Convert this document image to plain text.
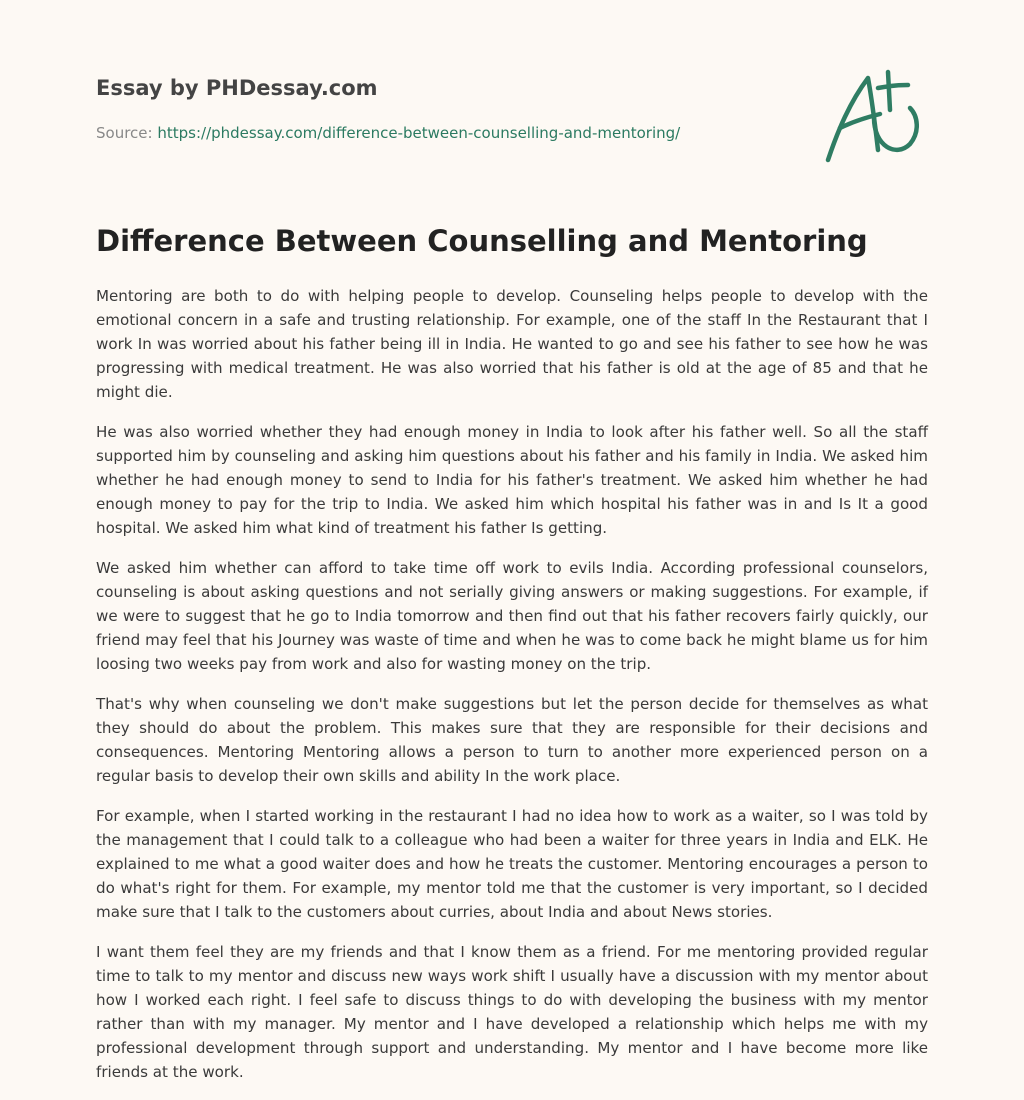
Essay by PHDessay.com
Source: https://phdessay.com/difference-between-counselling-and-mentoring/
Difference Between Counselling and Mentoring

Mentoring are both to do with helping people to develop. Counseling helps people to develop with the emotional concern in a safe and trusting relationship. For example, one of the staff In the Restaurant that I work In was worried about his father being ill in India. He wanted to go and see his father to see how he was progressing with medical treatment. He was also worried that his father is old at the age of 85 and that he might die.

He was also worried whether they had enough money in India to look after his father well. So all the staff supported him by counseling and asking him questions about his father and his family in India. We asked him whether he had enough money to send to India for his father's treatment. We asked him whether he had enough money to pay for the trip to India. We asked him which hospital his father was in and Is It a good hospital. We asked him what kind of treatment his father Is getting.

We asked him whether can afford to take time off work to evils India. According professional counselors, counseling is about asking questions and not serially giving answers or making suggestions. For example, if we were to suggest that he go to India tomorrow and then find out that his father recovers fairly quickly, our friend may feel that his Journey was waste of time and when he was to come back he might blame us for him loosing two weeks pay from work and also for wasting money on the trip.

That's why when counseling we don't make suggestions but let the person decide for themselves as what they should do about the problem. This makes sure that they are responsible for their decisions and consequences. Mentoring Mentoring allows a person to turn to another more experienced person on a regular basis to develop their own skills and ability In the work place.

For example, when I started working in the restaurant I had no idea how to work as a waiter, so I was told by the management that I could talk to a colleague who had been a waiter for three years in India and ELK. He explained to me what a good waiter does and how he treats the customer. Mentoring encourages a person to do what's right for them. For example, my mentor told me that the customer is very important, so I decided make sure that I talk to the customers about curries, about India and about News stories.

I want them feel they are my friends and that I know them as a friend. For me mentoring provided regular time to talk to my mentor and discuss new ways work shift I usually have a discussion with my mentor about how I worked each right. I feel safe to discuss things to do with developing the business with my mentor rather than with my manager. My mentor and I have developed a relationship which helps me with my professional development through support and understanding. My mentor and I have become more like friends at the work.
